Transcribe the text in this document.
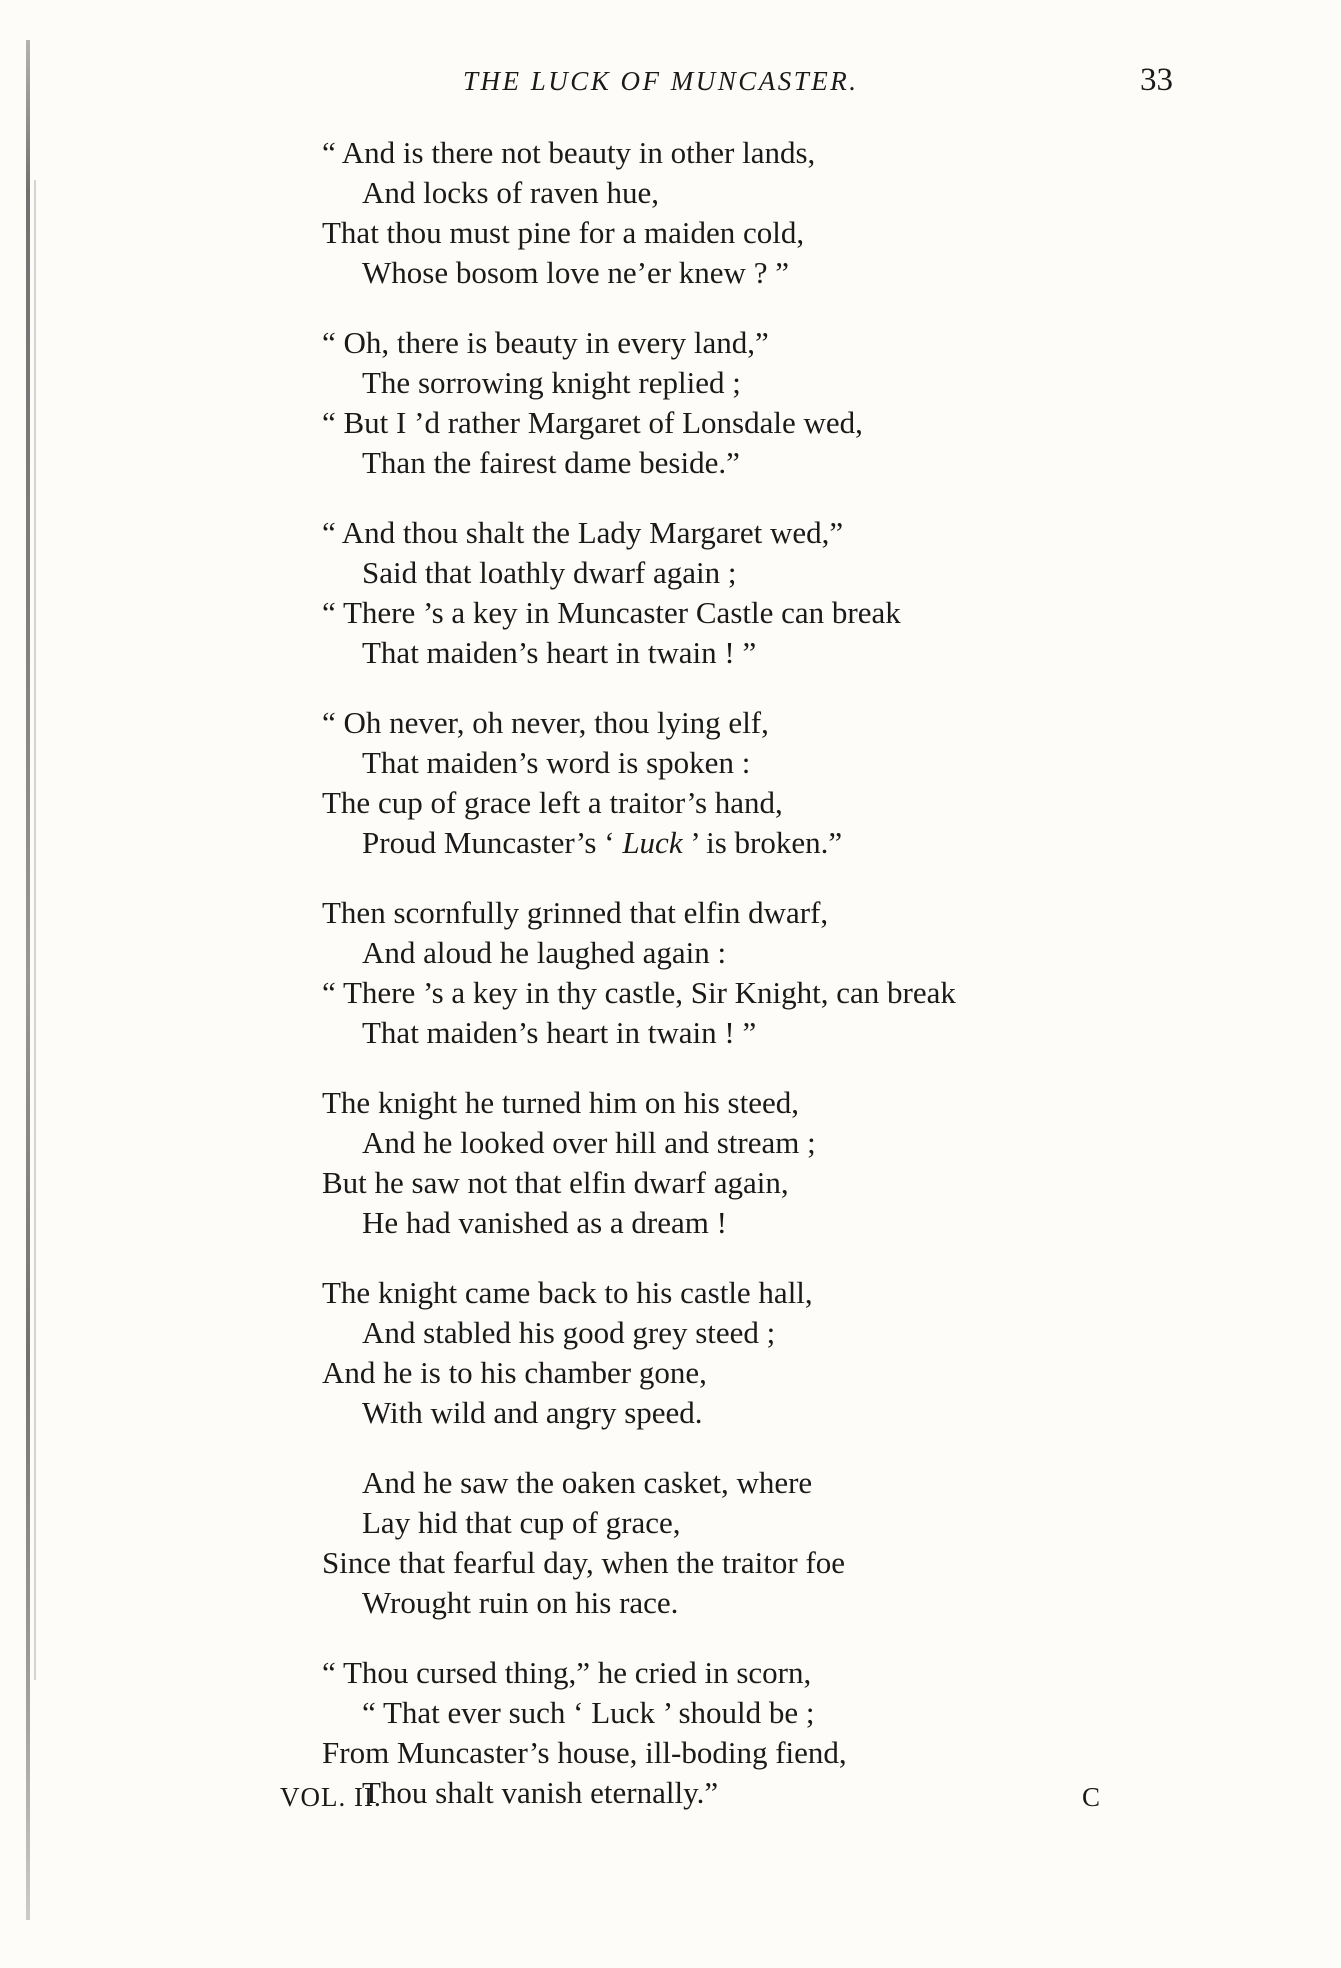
THE LUCK OF MUNCASTER.	33
“ And is there not beauty in other lands,
And locks of raven hue,
That thou must pine for a maiden cold,
Whose bosom love ne’er knew ? ”
“ Oh, there is beauty in every land,”
The sorrowing knight replied ;
“ But I ’d rather Margaret of Lonsdale wed,
Than the fairest dame beside.”
“ And thou shalt the Lady Margaret wed,”
Said that loathly dwarf again ;
“ There ’s a key in Muncaster Castle can break
That maiden’s heart in twain ! ”
“ Oh never, oh never, thou lying elf,
That maiden’s word is spoken :
The cup of grace left a traitor’s hand,
Proud Muncaster’s ‘ Luck ’ is broken.”
Then scornfully grinned that elfin dwarf,
And aloud he laughed again :
“ There ’s a key in thy castle, Sir Knight, can break
That maiden’s heart in twain ! ”
The knight he turned him on his steed,
And he looked over hill and stream ;
But he saw not that elfin dwarf again,
He had vanished as a dream !
The knight came back to his castle hall,
And stabled his good grey steed ;
And he is to his chamber gone,
With wild and angry speed.
And he saw the oaken casket, where
Lay hid that cup of grace,
Since that fearful day, when the traitor foe
Wrought ruin on his race.
“ Thou cursed thing,” he cried in scorn,
“ That ever such ‘ Luck ’ should be ;
From Muncaster’s house, ill-boding fiend,
Thou shalt vanish eternally.”
VOL. II.	C
